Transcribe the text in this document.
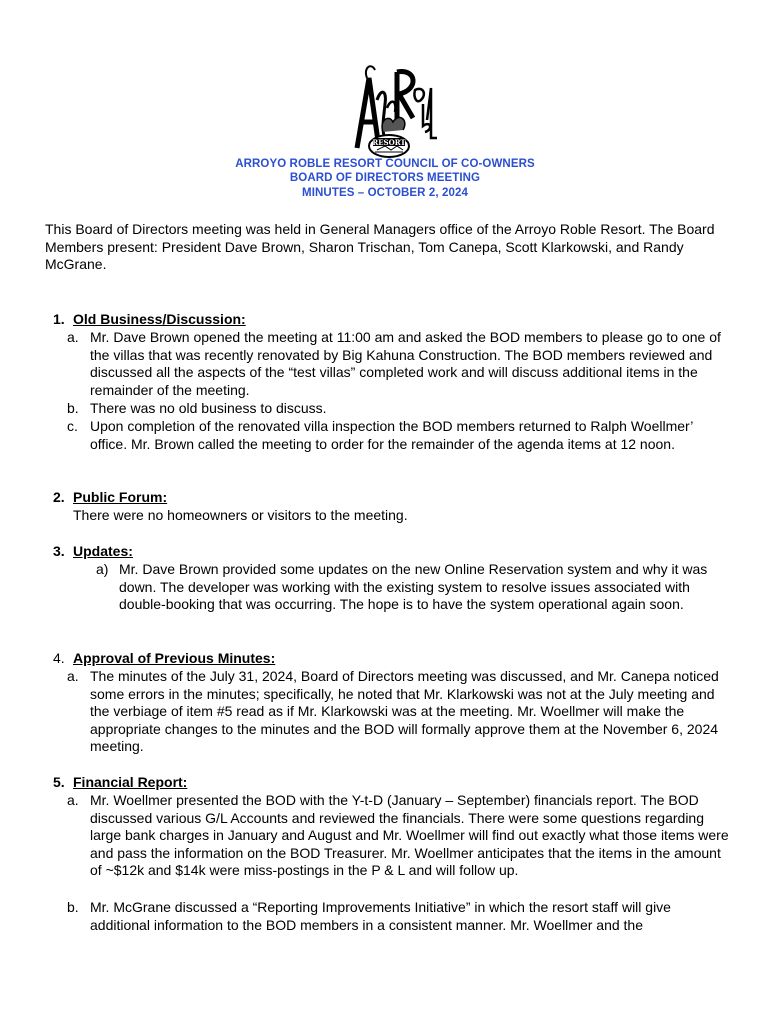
RESORT
ARROYO ROBLE RESORT COUNCIL OF CO-OWNERS
BOARD OF DIRECTORS MEETING
MINUTES – OCTOBER 2, 2024
This Board of Directors meeting was held in General Managers office of the Arroyo Roble Resort. The Board Members present: President Dave Brown, Sharon Trischan, Tom Canepa, Scott Klarkowski, and Randy McGrane.
1. Old Business/Discussion:
a. Mr. Dave Brown opened the meeting at 11:00 am and asked the BOD members to please go to one of the villas that was recently renovated by Big Kahuna Construction. The BOD members reviewed and discussed all the aspects of the “test villas” completed work and will discuss additional items in the remainder of the meeting.
b. There was no old business to discuss.
c. Upon completion of the renovated villa inspection the BOD members returned to Ralph Woellmer’ office. Mr. Brown called the meeting to order for the remainder of the agenda items at 12 noon.
2. Public Forum:
There were no homeowners or visitors to the meeting.
3. Updates:
a) Mr. Dave Brown provided some updates on the new Online Reservation system and why it was down. The developer was working with the existing system to resolve issues associated with double-booking that was occurring. The hope is to have the system operational again soon.
4. Approval of Previous Minutes:
a. The minutes of the July 31, 2024, Board of Directors meeting was discussed, and Mr. Canepa noticed some errors in the minutes; specifically, he noted that Mr. Klarkowski was not at the July meeting and the verbiage of item #5 read as if Mr. Klarkowski was at the meeting. Mr. Woellmer will make the appropriate changes to the minutes and the BOD will formally approve them at the November 6, 2024 meeting.
5. Financial Report:
a. Mr. Woellmer presented the BOD with the Y-t-D (January – September) financials report. The BOD discussed various G/L Accounts and reviewed the financials. There were some questions regarding large bank charges in January and August and Mr. Woellmer will find out exactly what those items were and pass the information on the BOD Treasurer. Mr. Woellmer anticipates that the items in the amount of ~$12k and $14k were miss-postings in the P & L and will follow up.
b. Mr. McGrane discussed a “Reporting Improvements Initiative” in which the resort staff will give additional information to the BOD members in a consistent manner. Mr. Woellmer and the
